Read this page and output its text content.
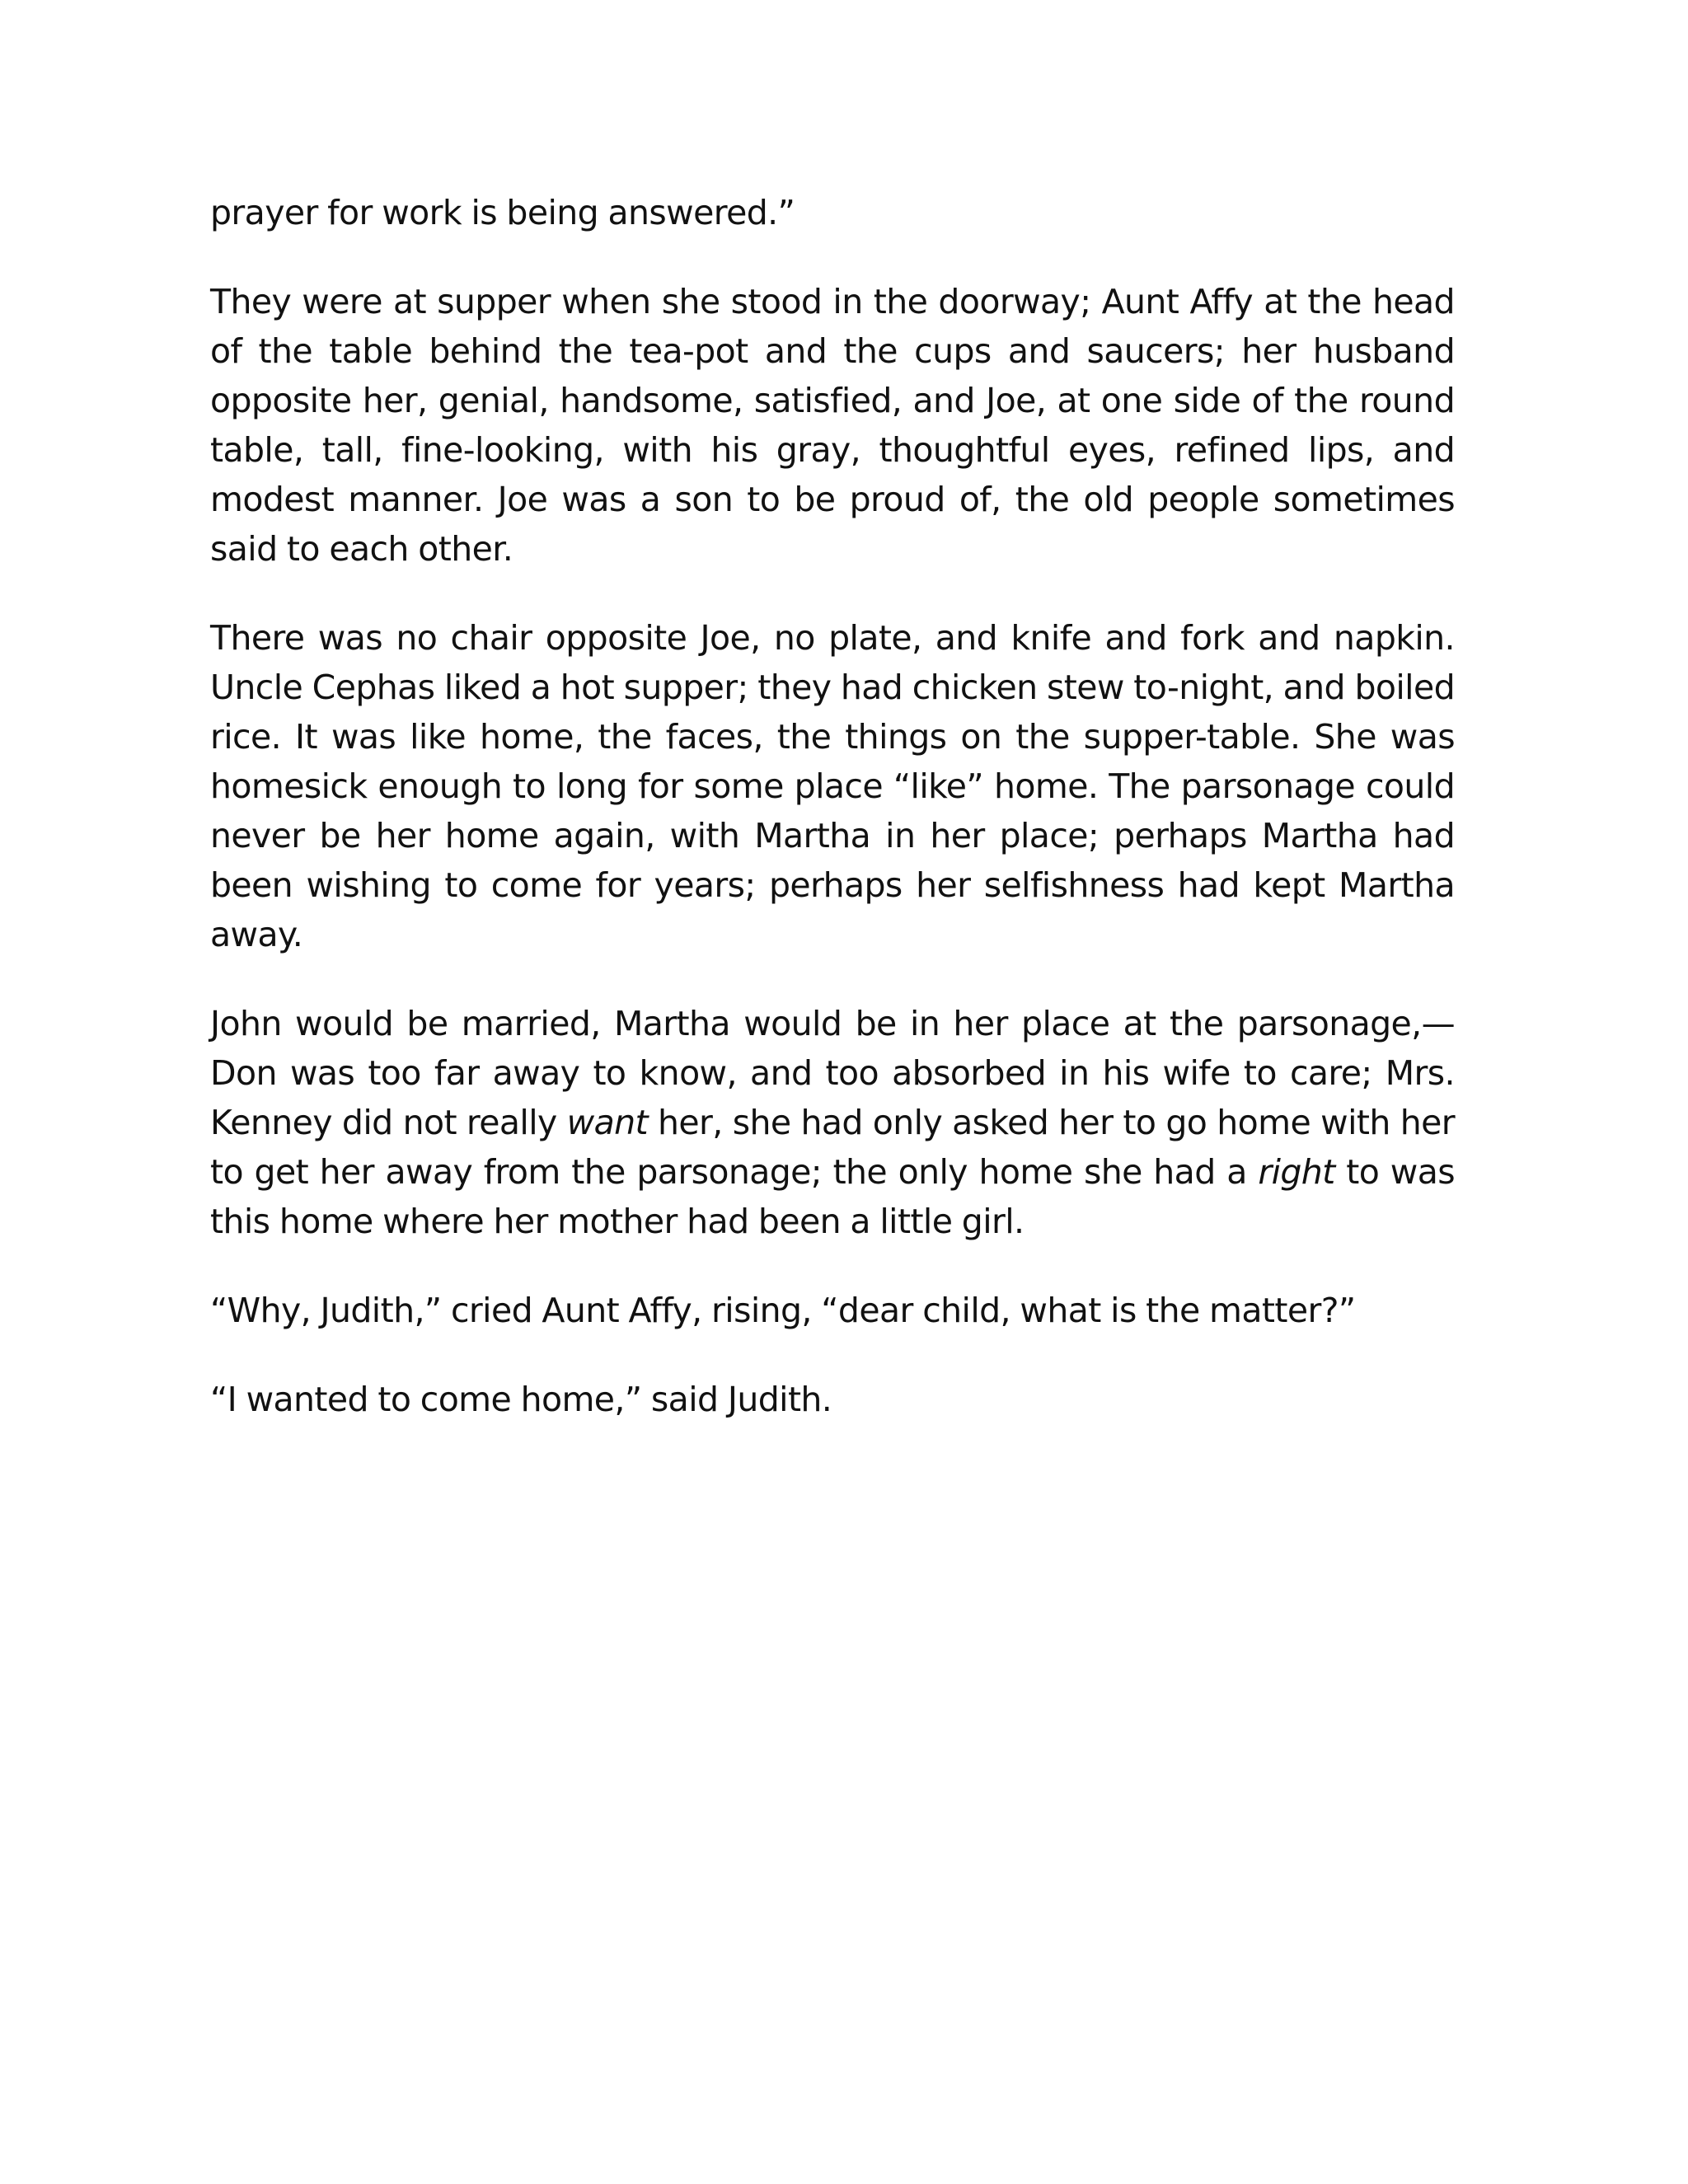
prayer for work is being answered.”

They were at supper when she stood in the doorway; Aunt Affy at the head of the table behind the tea-pot and the cups and saucers; her husband opposite her, genial, handsome, satisfied, and Joe, at one side of the round table, tall, fine-looking, with his gray, thoughtful eyes, refined lips, and modest manner. Joe was a son to be proud of, the old people sometimes said to each other.

There was no chair opposite Joe, no plate, and knife and fork and napkin. Uncle Cephas liked a hot supper; they had chicken stew to-night, and boiled rice. It was like home, the faces, the things on the supper-table. She was homesick enough to long for some place “like” home. The parsonage could never be her home again, with Martha in her place; perhaps Martha had been wishing to come for years; perhaps her selfishness had kept Martha away.

John would be married, Martha would be in her place at the parsonage,—Don was too far away to know, and too absorbed in his wife to care; Mrs. Kenney did not really want her, she had only asked her to go home with her to get her away from the parsonage; the only home she had a right to was this home where her mother had been a little girl.

“Why, Judith,” cried Aunt Affy, rising, “dear child, what is the matter?”

“I wanted to come home,” said Judith.
